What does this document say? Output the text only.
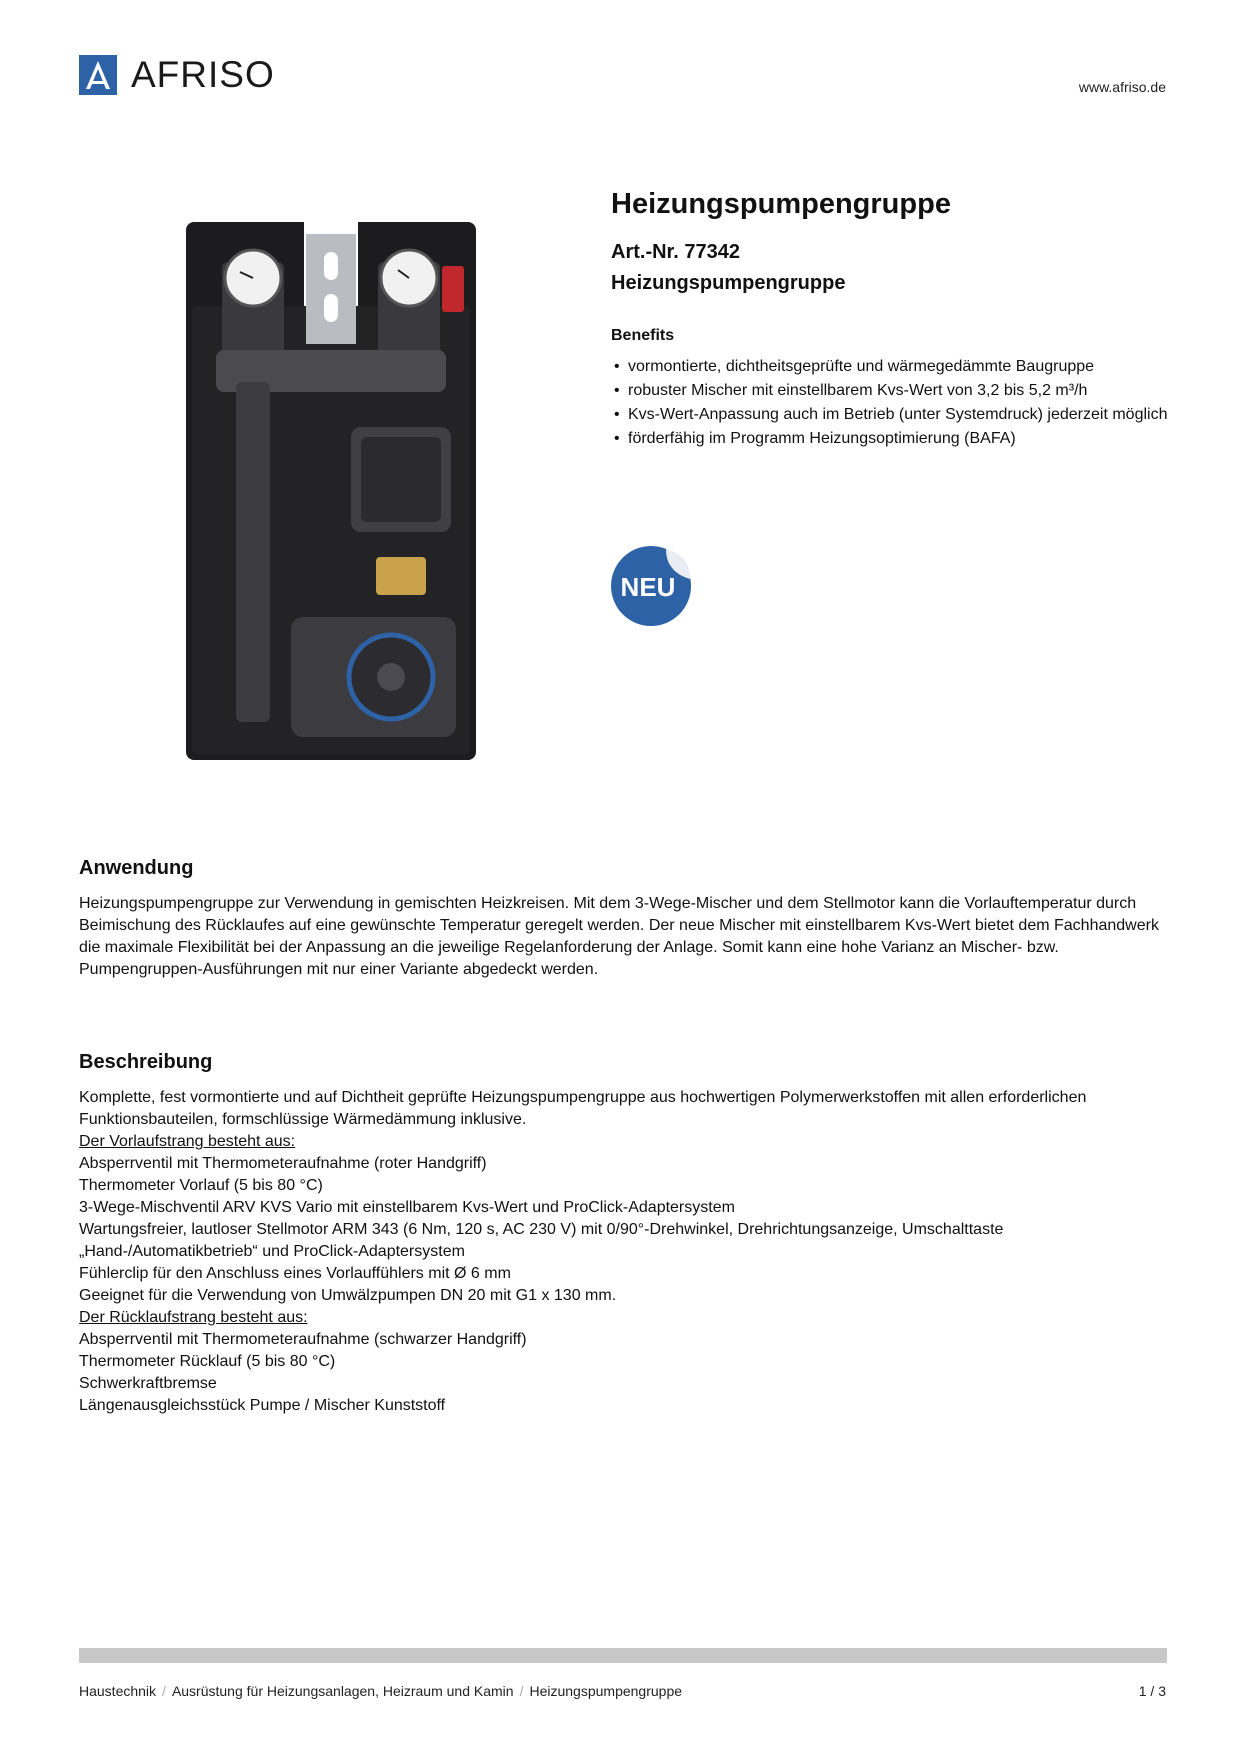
AFRISO	www.afriso.de
Heizungspumpengruppe
Art.-Nr. 77342
Heizungspumpengruppe
Benefits
• vormontierte, dichtheitsgeprüfte und wärmegedämmte Baugruppe
• robuster Mischer mit einstellbarem Kvs-Wert von 3,2 bis 5,2 m³/h
• Kvs-Wert-Anpassung auch im Betrieb (unter Systemdruck) jederzeit möglich
• förderfähig im Programm Heizungsoptimierung (BAFA)
NEU
Anwendung

Heizungspumpengruppe zur Verwendung in gemischten Heizkreisen. Mit dem 3-Wege-Mischer und dem Stellmotor kann die Vorlauftemperatur durch Beimischung des Rücklaufes auf eine gewünschte Temperatur geregelt werden. Der neue Mischer mit einstellbarem Kvs-Wert bietet dem Fachhandwerk die maximale Flexibilität bei der Anpassung an die jeweilige Regelanforderung der Anlage. Somit kann eine hohe Varianz an Mischer- bzw. Pumpengruppen-Ausführungen mit nur einer Variante abgedeckt werden.

Beschreibung
Komplette, fest vormontierte und auf Dichtheit geprüfte Heizungspumpengruppe aus hochwertigen Polymerwerkstoffen mit allen erforderlichen Funktionsbauteilen, formschlüssige Wärmedämmung inklusive.
Der Vorlaufstrang besteht aus:
Absperrventil mit Thermometeraufnahme (roter Handgriff)
Thermometer Vorlauf (5 bis 80 °C)
3-Wege-Mischventil ARV KVS Vario mit einstellbarem Kvs-Wert und ProClick-Adaptersystem
Wartungsfreier, lautloser Stellmotor ARM 343 (6 Nm, 120 s, AC 230 V) mit 0/90°-Drehwinkel, Drehrichtungsanzeige, Umschalttaste „Hand-/Automatikbetrieb“ und ProClick-Adaptersystem
Fühlerclip für den Anschluss eines Vorlauffühlers mit Ø 6 mm
Geeignet für die Verwendung von Umwälzpumpen DN 20 mit G1 x 130 mm.
Der Rücklaufstrang besteht aus:
Absperrventil mit Thermometeraufnahme (schwarzer Handgriff)
Thermometer Rücklauf (5 bis 80 °C)
Schwerkraftbremse
Längenausgleichsstück Pumpe / Mischer Kunststoff
Haustechnik / Ausrüstung für Heizungsanlagen, Heizraum und Kamin / Heizungspumpengruppe	1 / 3
